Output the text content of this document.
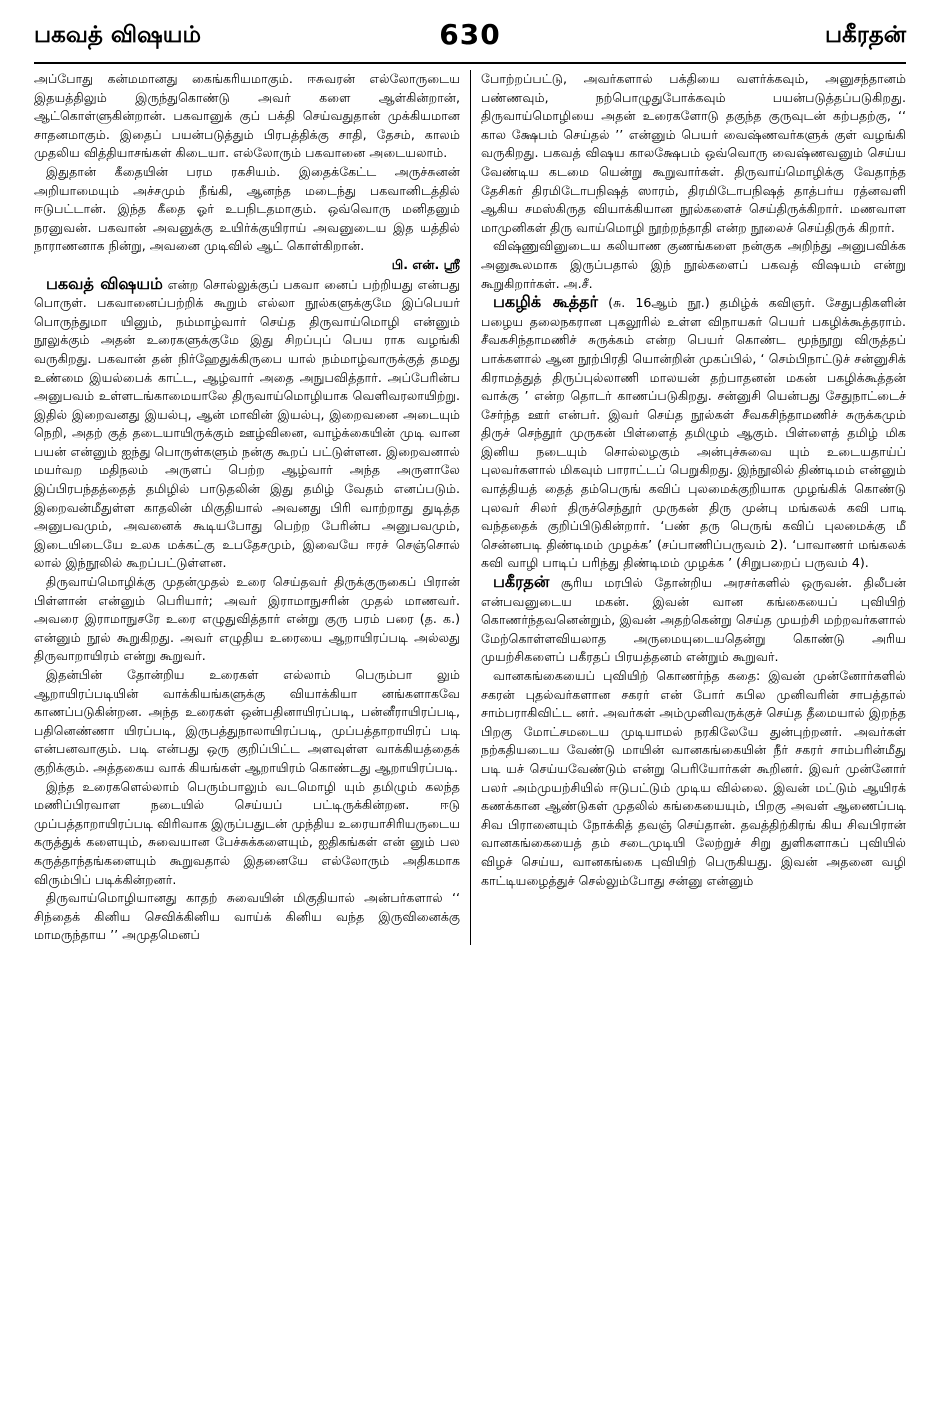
பகவத் விஷயம்	630	பகீரதன்

அப்போது கன்மமானது கைங்கரியமாகும். ஈசுவரன் எல்லோருடைய இதயத்திலும் இருந்துகொண்டு அவர் களை ஆள்கின்றான், ஆட்கொள்ளுகின்றான். பகவானுக் குப் பக்தி செய்வதுதான் முக்கியமான சாதனமாகும். இதைப் பயன்படுத்தும் பிரபத்திக்கு சாதி, தேசம், காலம் முதலிய வித்தியாசங்கள் கிடையா. எல்லோரும் பகவானை அடையலாம்.

இதுதான் கீதையின் பரம ரகசியம். இதைக்கேட்ட அருச்சுனன் அறியாமையும் அச்சமும் நீங்கி, ஆனந்த மடைந்து பகவானிடத்தில் ஈடுபட்டான். இந்த கீதை ஓர் உபநிடதமாகும். ஒவ்வொரு மனிதனும் நரனுவன். பகவான் அவனுக்கு உயிர்க்குயிராய் அவனுடைய இத யத்தில் நாராணனாக நின்று, அவனை முடிவில் ஆட் கொள்கிறான்.

பி. என். ஸ்ரீ

பகவத் விஷயம் என்ற சொல்லுக்குப் பகவா னைப் பற்றியது என்பது பொருள். பகவானைப்பற்றிக் கூறும் எல்லா நூல்களுக்குமே இப்பெயர் பொருந்துமா யினும், நம்மாழ்வார் செய்த திருவாய்மொழி என்னும் நூலுக்கும் அதன் உரைகளுக்குமே இது சிறப்புப் பெய ராக வழங்கி வருகிறது. பகவான் தன் நிர்ஹேதுக்கிருபை யால் நம்மாழ்வாருக்குத் தமது உண்மை இயல்பைக் காட்ட, ஆழ்வார் அதை அநுபவித்தார். அப்பேரின்ப அனுபவம் உள்ளடங்காமையாலே திருவாய்மொழியாக வெளிவரலாயிற்று. இதில் இறைவனது இயல்பு, ஆன் மாவின் இயல்பு, இறைவனை அடையும் நெறி, அதற் குத் தடையாயிருக்கும் ஊழ்வினை, வாழ்க்கையின் முடி வான பயன் என்னும் ஐந்து பொருள்களும் நன்கு கூறப் பட்டுள்ளன. இறைவனால் மயர்வற மதிநலம் அருளப் பெற்ற ஆழ்வார் அந்த அருளாலே இப்பிரபந்தத்தைத் தமிழில் பாடுதலின் இது தமிழ் வேதம் எனப்படும். இறைவன்மீதுள்ள காதலின் மிகுதியால் அவனது பிரி வாற்றாது துடித்த அனுபவமும், அவனைக் கூடியபோது பெற்ற பேரின்ப அனுபவமும், இடையிடையே உலக மக்கட்கு உபதேசமும், இவையே ஈரச் செஞ்சொல் லால் இந்நூலில் கூறப்பட்டுள்ளன.

திருவாய்மொழிக்கு முதன்முதல் உரை செய்தவர் திருக்குருகைப் பிரான் பிள்ளான் என்னும் பெரியார்; அவர் இராமாநுசரின் முதல் மாணவர். அவரை இராமாநுசரே உரை எழுதுவித்தார் என்று குரு பரம் பரை (த. க.) என்னும் நூல் கூறுகிறது. அவர் எழுதிய உரையை ஆறாயிரப்படி அல்லது திருவாறாயிரம் என்று கூறுவர்.

இதன்பின் தோன்றிய உரைகள் எல்லாம் பெரும்பா லும் ஆறாயிரப்படியின் வாக்கியங்களுக்கு வியாக்கியா னங்களாகவே காணப்படுகின்றன. அந்த உரைகள் ஒன்பதினாயிரப்படி, பன்னீராயிரப்படி, பதினெண்ணா யிரப்படி, இருபத்துநாலாயிரப்படி, முப்பத்தாறாயிரப் படி என்பனவாகும். படி என்பது ஒரு குறிப்பிட்ட அளவுள்ள வாக்கியத்தைக் குறிக்கும். அத்தகைய வாக் கியங்கள் ஆறாயிரம் கொண்டது ஆறாயிரப்படி.

இந்த உரைகளெல்லாம் பெரும்பாலும் வடமொழி யும் தமிழும் கலந்த மணிப்பிரவாள நடையில் செய்யப் பட்டிருக்கின்றன. ஈடு முப்பத்தாறாயிரப்படி விரிவாக இருப்பதுடன் முந்திய உரையாசிரியருடைய கருத்துக் களையும், சுவையான பேச்சுக்களையும், ஐதிகங்கள் என் னும் பல கருத்தாந்தங்களையும் கூறுவதால் இதனையே எல்லோரும் அதிகமாக விரும்பிப் படிக்கின்றனர்.

திருவாய்மொழியானது காதற் சுவையின் மிகுதியால் அன்பர்களால் ‘‘ சிந்தைக் கினிய செவிக்கினிய வாய்க் கினிய வந்த இருவினைக்கு மாமருந்தாய ’’ அமுதமெனப்

போற்றப்பட்டு, அவர்களால் பக்தியை வளர்க்கவும், அனுசந்தானம் பண்ணவும், நற்பொழுதுபோக்கவும் பயன்படுத்தப்படுகிறது. திருவாய்மொழியை அதன் உரைகளோடு தகுந்த குருவுடன் கற்பதற்கு, ‘‘ கால க்ஷேபம் செய்தல் ’’ என்னும் பெயர் வைஷ்ணவர்களுக் குள் வழங்கி வருகிறது. பகவத் விஷய காலக்ஷேபம் ஒவ்வொரு வைஷ்ணவனும் செய்ய வேண்டிய கடமை யென்று கூறுவார்கள். திருவாய்மொழிக்கு வேதாந்த தேசிகர் திரமிடோபநிஷத் ஸாரம், திரமிடோபநிஷத் தாத்பர்ய ரத்னவளி ஆகிய சமஸ்கிருத வியாக்கியான நூல்களைச் செய்திருக்கிறார். மணவாள மாமுனிகள் திரு வாய்மொழி நூற்றந்தாதி என்ற நூலைச் செய்திருக் கிறார்.

விஷ்ணுவினுடைய கலியாண குணங்களை நன்குக அறிந்து அனுபவிக்க அனுகூலமாக இருப்பதால் இந் நூல்களைப் பகவத் விஷயம் என்று கூறுகிறார்கள். அ.சீ.

பகழிக் கூத்தர் (சு. 16ஆம் நூ.) தமிழ்க் கவிஞர். சேதுபதிகளின் பழைய தலைநகரான புகலூரில் உள்ள விநாயகர் பெயர் பகழிக்கூத்தராம். சீவகசிந்தாமணிச் சுருக்கம் என்ற பெயர் கொண்ட மூந்நூறு விருத்தப் பாக்களால் ஆன நூற்பிரதி யொன்றின் முகப்பில், ‘ செம்பிநாட்டுச் சன்னுசிக் கிராமத்துத் திருப்புல்லாணி மாலயன் தற்பாதனன் மகன் பகழிக்கூத்தன் வாக்கு ’ என்ற தொடர் காணப்படுகிறது. சன்னுசி யென்பது சேதுநாட்டைச் சேர்ந்த ஊர் என்பர். இவர் செய்த நூல்கள் சீவகசிந்தாமணிச் சுருக்கமும் திருச் செந்தூர் முருகன் பிள்ளைத் தமிழும் ஆகும். பிள்ளைத் தமிழ் மிக இனிய நடையும் சொல்லழகும் அன்புச்சுவை யும் உடையதாய்ப் புலவர்களால் மிகவும் பாராட்டப் பெறுகிறது. இந்நூலில் திண்டிமம் என்னும் வாத்தியத் தைத் தம்பெருங் கவிப் புலமைக்குறியாக முழங்கிக் கொண்டு புலவர் சிலர் திருச்செந்தூர் முருகன் திரு முன்பு மங்கலக் கவி பாடி வந்ததைக் குறிப்பிடுகின்றார். ‘பண் தரு பெருங் கவிப் புலமைக்கு மீ சென்னபடி திண்டிமம் முழக்க’ (சப்பாணிப்பருவம் 2). ‘பாவாணர் மங்கலக் கவி வாழி பாடிப் பரிந்து திண்டிமம் முழக்க ’ (சிறுபறைப் பருவம் 4).

பகீரதன் சூரிய மரபில் தோன்றிய அரசர்களில் ஒருவன். திலீபன் என்பவனுடைய மகன். இவன் வான கங்கையைப் புவியிற் கொணர்ந்தவனென்றும், இவன் அதற்கென்று செய்த முயற்சி மற்றவர்களால் மேற்கொள்ளவியலாத அருமையுடையதென்று கொண்டு அரிய முயற்சிகளைப் பகீரதப் பிரயத்தனம் என்றும் கூறுவர்.

வானகங்கையைப் புவியிற் கொணர்ந்த கதை: இவன் முன்னோர்களில் சகரன் புதல்வர்களான சகரர் என் போர் கபில முனிவரின் சாபத்தால் சாம்பராகிவிட்ட னர். அவர்கள் அம்முனிவருக்குச் செய்த தீமையால் இறந்த பிறகு மோட்சமடைய முடியாமல் நரகிலேயே துன்புற்றனர். அவர்கள் நற்கதியடைய வேண்டு மாயின் வானகங்கையின் நீர் சகரர் சாம்பரின்மீது படி யச் செய்யவேண்டும் என்று பெரியோர்கள் கூறினர். இவர் முன்னோர் பலர் அம்முயற்சியில் ஈடுபட்டும் முடிய வில்லை. இவன் மட்டும் ஆயிரக் கணக்கான ஆண்டுகள் முதலில் கங்கையையும், பிறகு அவள் ஆணைப்படி சிவ பிரானையும் நோக்கித் தவஞ் செய்தான். தவத்திற்கிரங் கிய சிவபிரான் வானகங்கையைத் தம் சடைமுடியி லேற்றுச் சிறு துளிகளாகப் புவியில் விழச் செய்ய, வானகங்கை புவியிற் பெருகியது. இவன் அதனை வழி காட்டியழைத்துச் செல்லும்போது சன்னு என்னும்
